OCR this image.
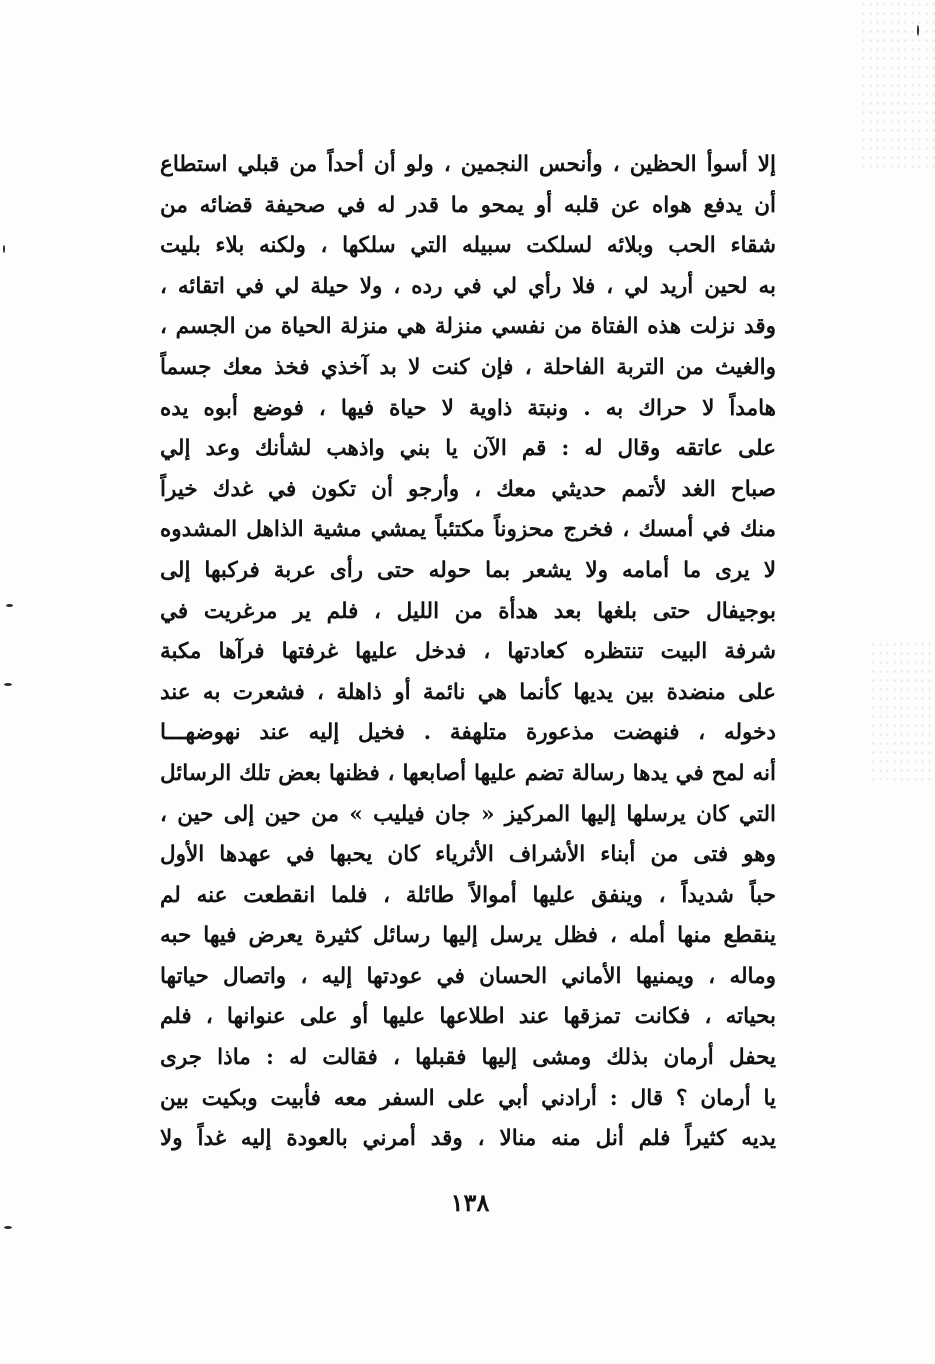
إلا أسوأ الحظين ، وأنحس النجمين ، ولو أن أحداً من قبلي استطاع
أن يدفع هواه عن قلبه أو يمحو ما قدر له في صحيفة قضائه من
شقاء الحب وبلائه لسلكت سبيله التي سلكها ، ولكنه بلاء بليت
به لحين أريد لي ، فلا رأي لي في رده ، ولا حيلة لي في اتقائه ،
وقد نزلت هذه الفتاة من نفسي منزلة هي منزلة الحياة من الجسم ،
والغيث من التربة الفاحلة ، فإن كنت لا بد آخذي فخذ معك جسماً
هامداً لا حراك به . ونبتة ذاوية لا حياة فيها ، فوضع أبوه يده
على عاتقه وقال له : قم الآن يا بني واذهب لشأنك وعد إلي
صباح الغد لأتمم حديثي معك ، وأرجو أن تكون في غدك خيراً
منك في أمسك ، فخرج محزوناً مكتئباً يمشي مشية الذاهل المشدوه
لا يرى ما أمامه ولا يشعر بما حوله حتى رأى عربة فركبها إلى
بوجيفال حتى بلغها بعد هدأة من الليل ، فلم ير مرغريت في
شرفة البيت تنتظره كعادتها ، فدخل عليها غرفتها فرآها مكبة
على منضدة بين يديها كأنما هي نائمة أو ذاهلة ، فشعرت به عند
دخوله ، فنهضت مذعورة متلهفة . فخيل إليه عند نهوضهـــا
أنه لمح في يدها رسالة تضم عليها أصابعها ، فظنها بعض تلك الرسائل
التي كان يرسلها إليها المركيز « جان فيليب » من حين إلى حين ،
وهو فتى من أبناء الأشراف الأثرياء كان يحبها في عهدها الأول
حباً شديداً ، وينفق عليها أموالاً طائلة ، فلما انقطعت عنه لم
ينقطع منها أمله ، فظل يرسل إليها رسائل كثيرة يعرض فيها حبه
وماله ، ويمنيها الأماني الحسان في عودتها إليه ، واتصال حياتها
بحياته ، فكانت تمزقها عند اطلاعها عليها أو على عنوانها ، فلم
يحفل أرمان بذلك ومشى إليها فقبلها ، فقالت له : ماذا جرى
يا أرمان ؟ قال : أرادني أبي على السفر معه فأبيت وبكيت بين
يديه كثيراً فلم أنل منه منالا ، وقد أمرني بالعودة إليه غداً ولا
١٣٨
